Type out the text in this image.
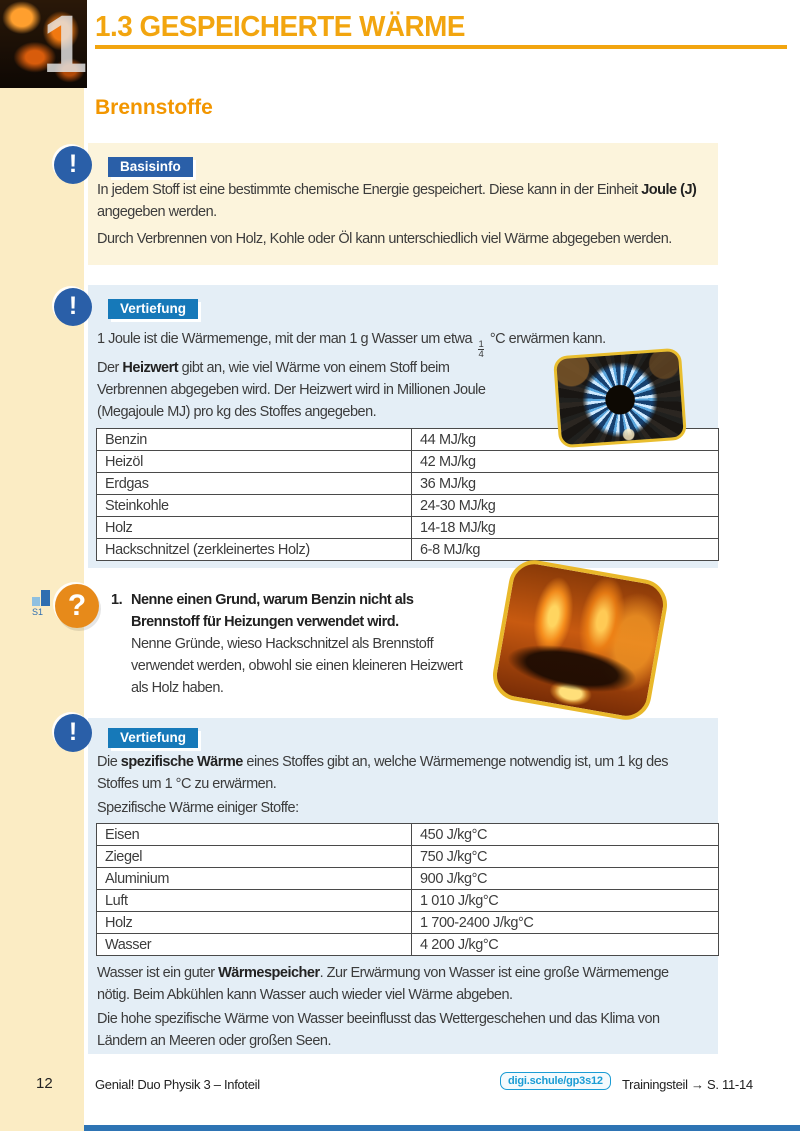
1 1.3 GESPEICHERTE WÄRME
Brennstoffe
Basisinfo
!
In jedem Stoff ist eine bestimmte chemische Energie gespeichert. Diese kann in der Einheit Joule (J) angegeben werden.
Durch Verbrennen von Holz, Kohle oder Öl kann unterschiedlich viel Wärme abgegeben werden.
Vertiefung
!
1 Joule ist die Wärmemenge, mit der man 1 g Wasser um etwa
$\frac{1}{4}$
°C erwärmen kann.
Der Heizwert gibt an, wie viel Wärme von einem Stoff beim Verbrennen abgegeben wird. Der Heizwert wird in Millionen Joule (Megajoule MJ) pro kg des Stoffes angegeben.
Benzin	44 MJ/kg
Heizöl	42 MJ/kg
Erdgas	36 MJ/kg
Steinkohle	24-30 MJ/kg
Holz	14-18 MJ/kg
Hackschnitzel (zerkleinertes Holz)	6-8 MJ/kg
S1 ?	1. Nenne einen Grund, warum Benzin nicht als Brennstoff für Heizungen verwendet wird.
Nenne Gründe, wieso Hackschnitzel als Brennstoff verwendet werden, obwohl sie einen kleineren Heizwert als Holz haben.
Vertiefung
!
Die spezifische Wärme eines Stoffes gibt an, welche Wärmemenge notwendig ist, um 1 kg des Stoffes um 1 °C zu erwärmen.
Spezifische Wärme einiger Stoffe:
Eisen	450 J/kg°C
Ziegel	750 J/kg°C
Aluminium	900 J/kg°C
Luft	1 010 J/kg°C
Holz	1 700-2400 J/kg°C
Wasser	4 200 J/kg°C
Wasser ist ein guter Wärmespeicher. Zur Erwärmung von Wasser ist eine große Wärmemenge nötig. Beim Abkühlen kann Wasser auch wieder viel Wärme abgeben.
Die hohe spezifische Wärme von Wasser beeinflusst das Wettergeschehen und das Klima von Ländern an Meeren oder großen Seen.
12	Genial! Duo Physik 3 – Infoteil	digi.schule/gp3s12	Trainingsteil → S. 11-14
